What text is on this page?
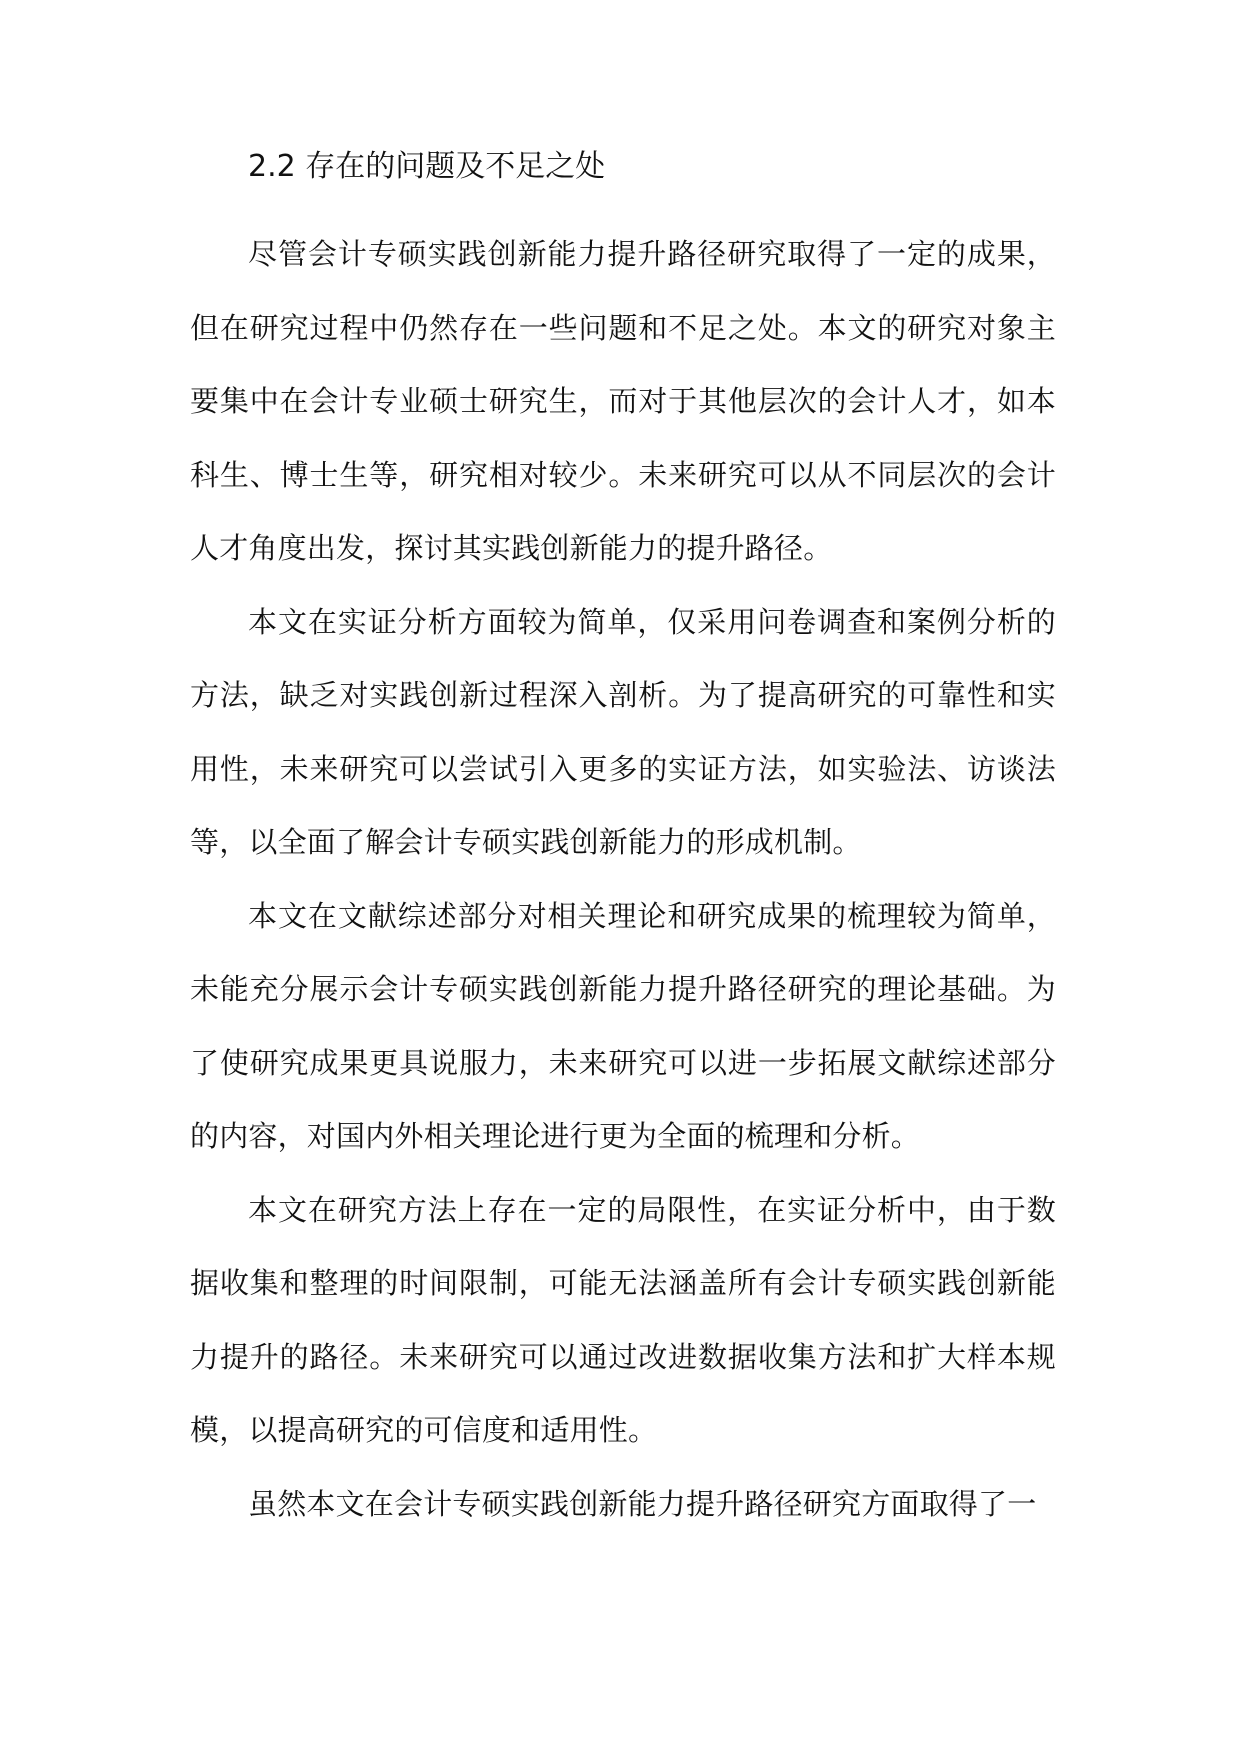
2.2 存在的问题及不足之处

尽管会计专硕实践创新能力提升路径研究取得了一定的成果，但在研究过程中仍然存在一些问题和不足之处。本文的研究对象主要集中在会计专业硕士研究生，而对于其他层次的会计人才，如本科生、博士生等，研究相对较少。未来研究可以从不同层次的会计人才角度出发，探讨其实践创新能力的提升路径。

本文在实证分析方面较为简单，仅采用问卷调查和案例分析的方法，缺乏对实践创新过程深入剖析。为了提高研究的可靠性和实用性，未来研究可以尝试引入更多的实证方法，如实验法、访谈法等，以全面了解会计专硕实践创新能力的形成机制。

本文在文献综述部分对相关理论和研究成果的梳理较为简单，未能充分展示会计专硕实践创新能力提升路径研究的理论基础。为了使研究成果更具说服力，未来研究可以进一步拓展文献综述部分的内容，对国内外相关理论进行更为全面的梳理和分析。

本文在研究方法上存在一定的局限性，在实证分析中，由于数据收集和整理的时间限制，可能无法涵盖所有会计专硕实践创新能力提升的路径。未来研究可以通过改进数据收集方法和扩大样本规模，以提高研究的可信度和适用性。

虽然本文在会计专硕实践创新能力提升路径研究方面取得了一
